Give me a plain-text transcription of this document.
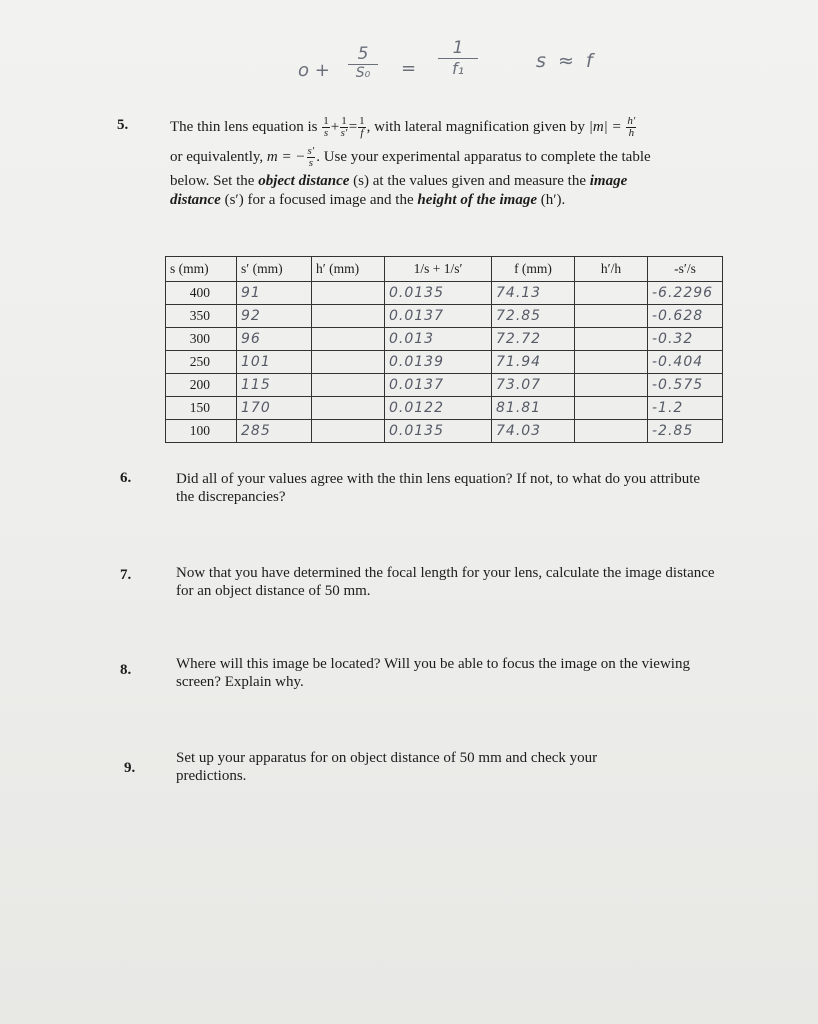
o +
5
S₀	=
1
f₁	s ≈ f
5.	The thin lens equation is $\frac{1}{s} + \frac{1}{s'} = \frac{1}{f}$ , with lateral magnification given by $|m| = \frac{h'}{h}$
or equivalently, m = − $\frac{s'}{s}$ . Use your experimental apparatus to complete the table
below. Set the object distance (s) at the values given and measure the image
distance (s′) for a focused image and the height of the image (h′).
s (mm)	s′ (mm)	h′ (mm)	1/s + 1/s′	f (mm)	h′/h	-s′/s
400	91		0.0135	74.13		-6.2296
350	92		0.0137	72.85		-0.628
300	96		0.013	72.72		-0.32
250	101		0.0139	71.94		-0.404
200	115		0.0137	73.07		-0.575
150	170		0.0122	81.81		-1.2
100	285		0.0135	74.03		-2.85
6.	Did all of your values agree with the thin lens equation? If not, to what do you attribute the discrepancies?
7.	Now that you have determined the focal length for your lens, calculate the image distance for an object distance of 50 mm.
8.	Where will this image be located? Will you be able to focus the image on the viewing screen? Explain why.
9.
Set up your apparatus for on object distance of 50 mm and check your predictions.
